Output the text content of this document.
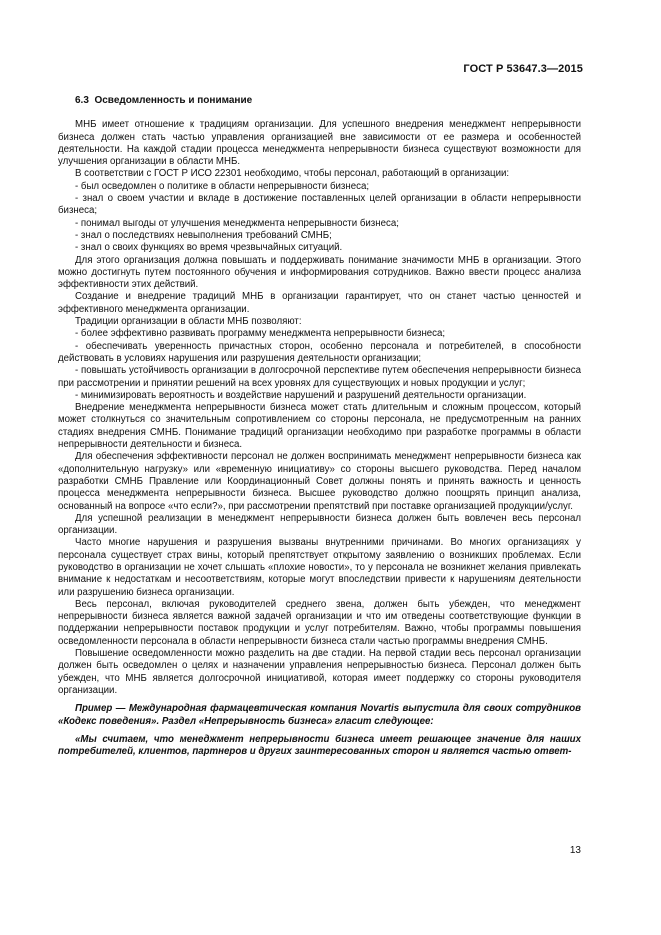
ГОСТ Р 53647.3—2015
6.3 Осведомленность и понимание

МНБ имеет отношение к традициям организации. Для успешного внедрения менеджмент непрерывности бизнеса должен стать частью управления организацией вне зависимости от ее размера и особенностей деятельности. На каждой стадии процесса менеджмента непрерывности бизнеса существуют возможности для улучшения организации в области МНБ.

В соответствии с ГОСТ Р ИСО 22301 необходимо, чтобы персонал, работающий в организации:

- был осведомлен о политике в области непрерывности бизнеса;

- знал о своем участии и вкладе в достижение поставленных целей организации в области непрерывности бизнеса;

- понимал выгоды от улучшения менеджмента непрерывности бизнеса;

- знал о последствиях невыполнения требований СМНБ;

- знал о своих функциях во время чрезвычайных ситуаций.

Для этого организация должна повышать и поддерживать понимание значимости МНБ в организации. Этого можно достигнуть путем постоянного обучения и информирования сотрудников. Важно ввести процесс анализа эффективности этих действий.

Создание и внедрение традиций МНБ в организации гарантирует, что он станет частью ценностей и эффективного менеджмента организации.

Традиции организации в области МНБ позволяют:

- более эффективно развивать программу менеджмента непрерывности бизнеса;

- обеспечивать уверенность причастных сторон, особенно персонала и потребителей, в способности действовать в условиях нарушения или разрушения деятельности организации;

- повышать устойчивость организации в долгосрочной перспективе путем обеспечения непрерывности бизнеса при рассмотрении и принятии решений на всех уровнях для существующих и новых продукции и услуг;

- минимизировать вероятность и воздействие нарушений и разрушений деятельности организации.

Внедрение менеджмента непрерывности бизнеса может стать длительным и сложным процессом, который может столкнуться со значительным сопротивлением со стороны персонала, не предусмотренным на ранних стадиях внедрения СМНБ. Понимание традиций организации необходимо при разработке программы в области непрерывности деятельности и бизнеса.

Для обеспечения эффективности персонал не должен воспринимать менеджмент непрерывности бизнеса как «дополнительную нагрузку» или «временную инициативу» со стороны высшего руководства. Перед началом разработки СМНБ Правление или Координационный Совет должны понять и принять важность и ценность процесса менеджмента непрерывности бизнеса. Высшее руководство должно поощрять принцип анализа, основанный на вопросе «что если?», при рассмотрении препятствий при поставке организацией продукции/услуг.

Для успешной реализации в менеджмент непрерывности бизнеса должен быть вовлечен весь персонал организации.

Часто многие нарушения и разрушения вызваны внутренними причинами. Во многих организациях у персонала существует страх вины, который препятствует открытому заявлению о возникших проблемах. Если руководство в организации не хочет слышать «плохие новости», то у персонала не возникнет желания привлекать внимание к недостаткам и несоответствиям, которые могут впоследствии привести к нарушениям деятельности или разрушению бизнеса организации.

Весь персонал, включая руководителей среднего звена, должен быть убежден, что менеджмент непрерывности бизнеса является важной задачей организации и что им отведены соответствующие функции в поддержании непрерывности поставок продукции и услуг потребителям. Важно, чтобы программы повышения осведомленности персонала в области непрерывности бизнеса стали частью программы внедрения СМНБ.

Повышение осведомленности можно разделить на две стадии. На первой стадии весь персонал организации должен быть осведомлен о целях и назначении управления непрерывностью бизнеса. Персонал должен быть убежден, что МНБ является долгосрочной инициативой, которая имеет поддержку со стороны руководителя организации.

Пример — Международная фармацевтическая компания Novartis выпустила для своих сотрудников «Кодекс поведения». Раздел «Непрерывность бизнеса» гласит следующее:

«Мы считаем, что менеджмент непрерывности бизнеса имеет решающее значение для наших потребителей, клиентов, партнеров и других заинтересованных сторон и является частью ответ-

13
